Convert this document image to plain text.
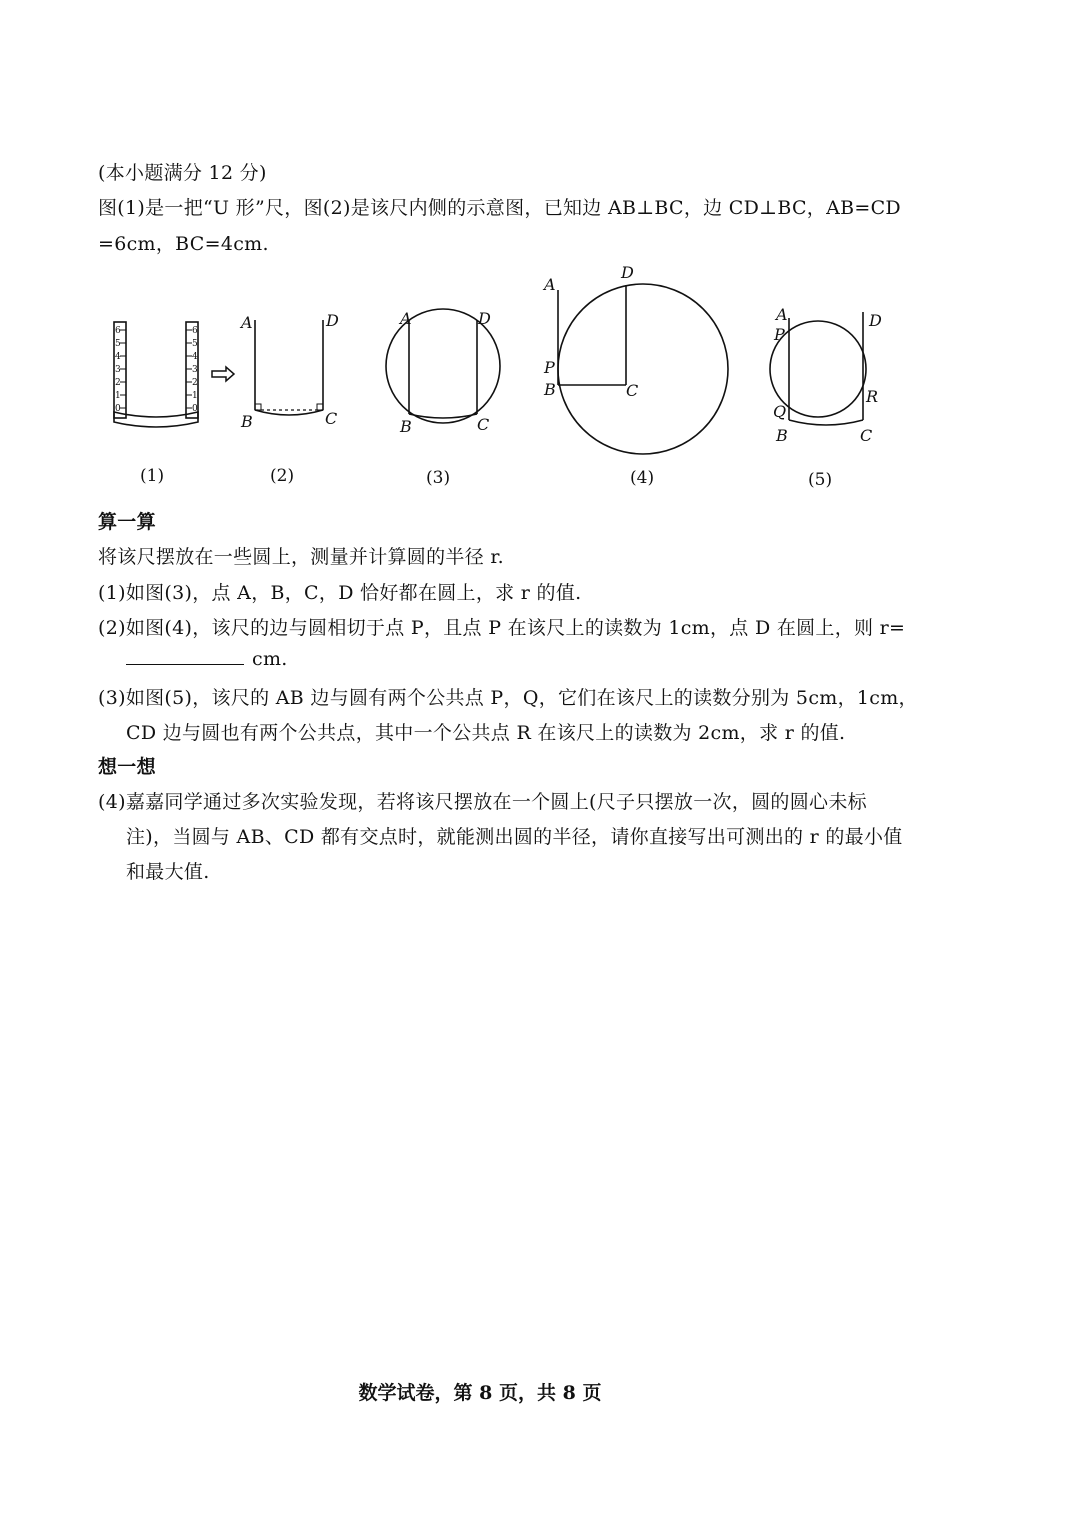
(本小题满分 12 分)
图(1)是一把“U 形”尺，图(2)是该尺内侧的示意图，已知边 AB⊥BC，边 CD⊥BC，AB=CD
=6cm，BC=4cm.
6
5
4
3
2
1
0
6
5
4
3
2
1
0
A	D
B	C
A	D
B	C
A
D
P
B	C
A
P
D
Q
R
B	C
(1)	(2)	(3)	(4)	(5)
算一算
将该尺摆放在一些圆上，测量并计算圆的半径 r.
(1)如图(3)，点 A，B，C，D 恰好都在圆上，求 r 的值.
(2)如图(4)，该尺的边与圆相切于点 P，且点 P 在该尺上的读数为 1cm，点 D 在圆上，则 r=
cm.
(3)如图(5)，该尺的 AB 边与圆有两个公共点 P，Q，它们在该尺上的读数分别为 5cm，1cm，
CD 边与圆也有两个公共点，其中一个公共点 R 在该尺上的读数为 2cm，求 r 的值.
想一想
(4)嘉嘉同学通过多次实验发现，若将该尺摆放在一个圆上(尺子只摆放一次，圆的圆心未标
注)，当圆与 AB、CD 都有交点时，就能测出圆的半径，请你直接写出可测出的 r 的最小值
和最大值.
数学试卷，第 8 页，共 8 页
